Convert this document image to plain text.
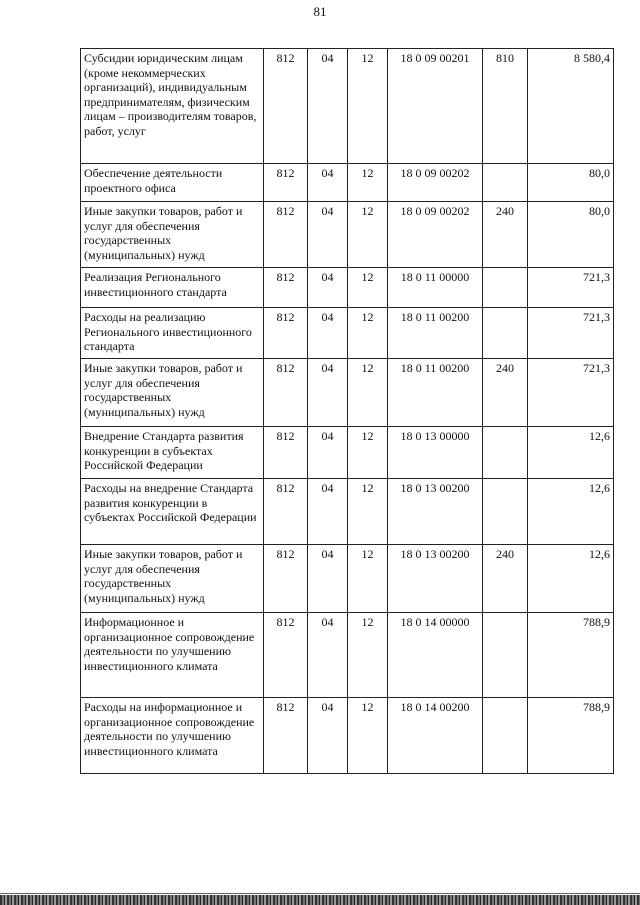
81
Субсидии юридическим лицам (кроме некоммерческих организаций), индивидуальным предпринимателям, физическим лицам – производителям товаров, работ, услуг	812	04	12	18 0 09 00201	810	8 580,4
Обеспечение деятельности проектного офиса	812	04	12	18 0 09 00202		80,0
Иные закупки товаров, работ и услуг для обеспечения государственных (муниципальных) нужд	812	04	12	18 0 09 00202	240	80,0
Реализация Регионального инвестиционного стандарта	812	04	12	18 0 11 00000		721,3
Расходы на реализацию Регионального инвестиционного стандарта	812	04	12	18 0 11 00200		721,3
Иные закупки товаров, работ и услуг для обеспечения государственных (муниципальных) нужд	812	04	12	18 0 11 00200	240	721,3
Внедрение Стандарта развития конкуренции в субъектах Российской Федерации	812	04	12	18 0 13 00000		12,6
Расходы на внедрение Стандарта развития конкуренции в субъектах Российской Федерации	812	04	12	18 0 13 00200		12,6
Иные закупки товаров, работ и услуг для обеспечения государственных (муниципальных) нужд	812	04	12	18 0 13 00200	240	12,6
Информационное и организационное сопровождение деятельности по улучшению инвестиционного климата	812	04	12	18 0 14 00000		788,9
Расходы на информационное и организационное сопровождение деятельности по улучшению инвестиционного климата	812	04	12	18 0 14 00200		788,9
